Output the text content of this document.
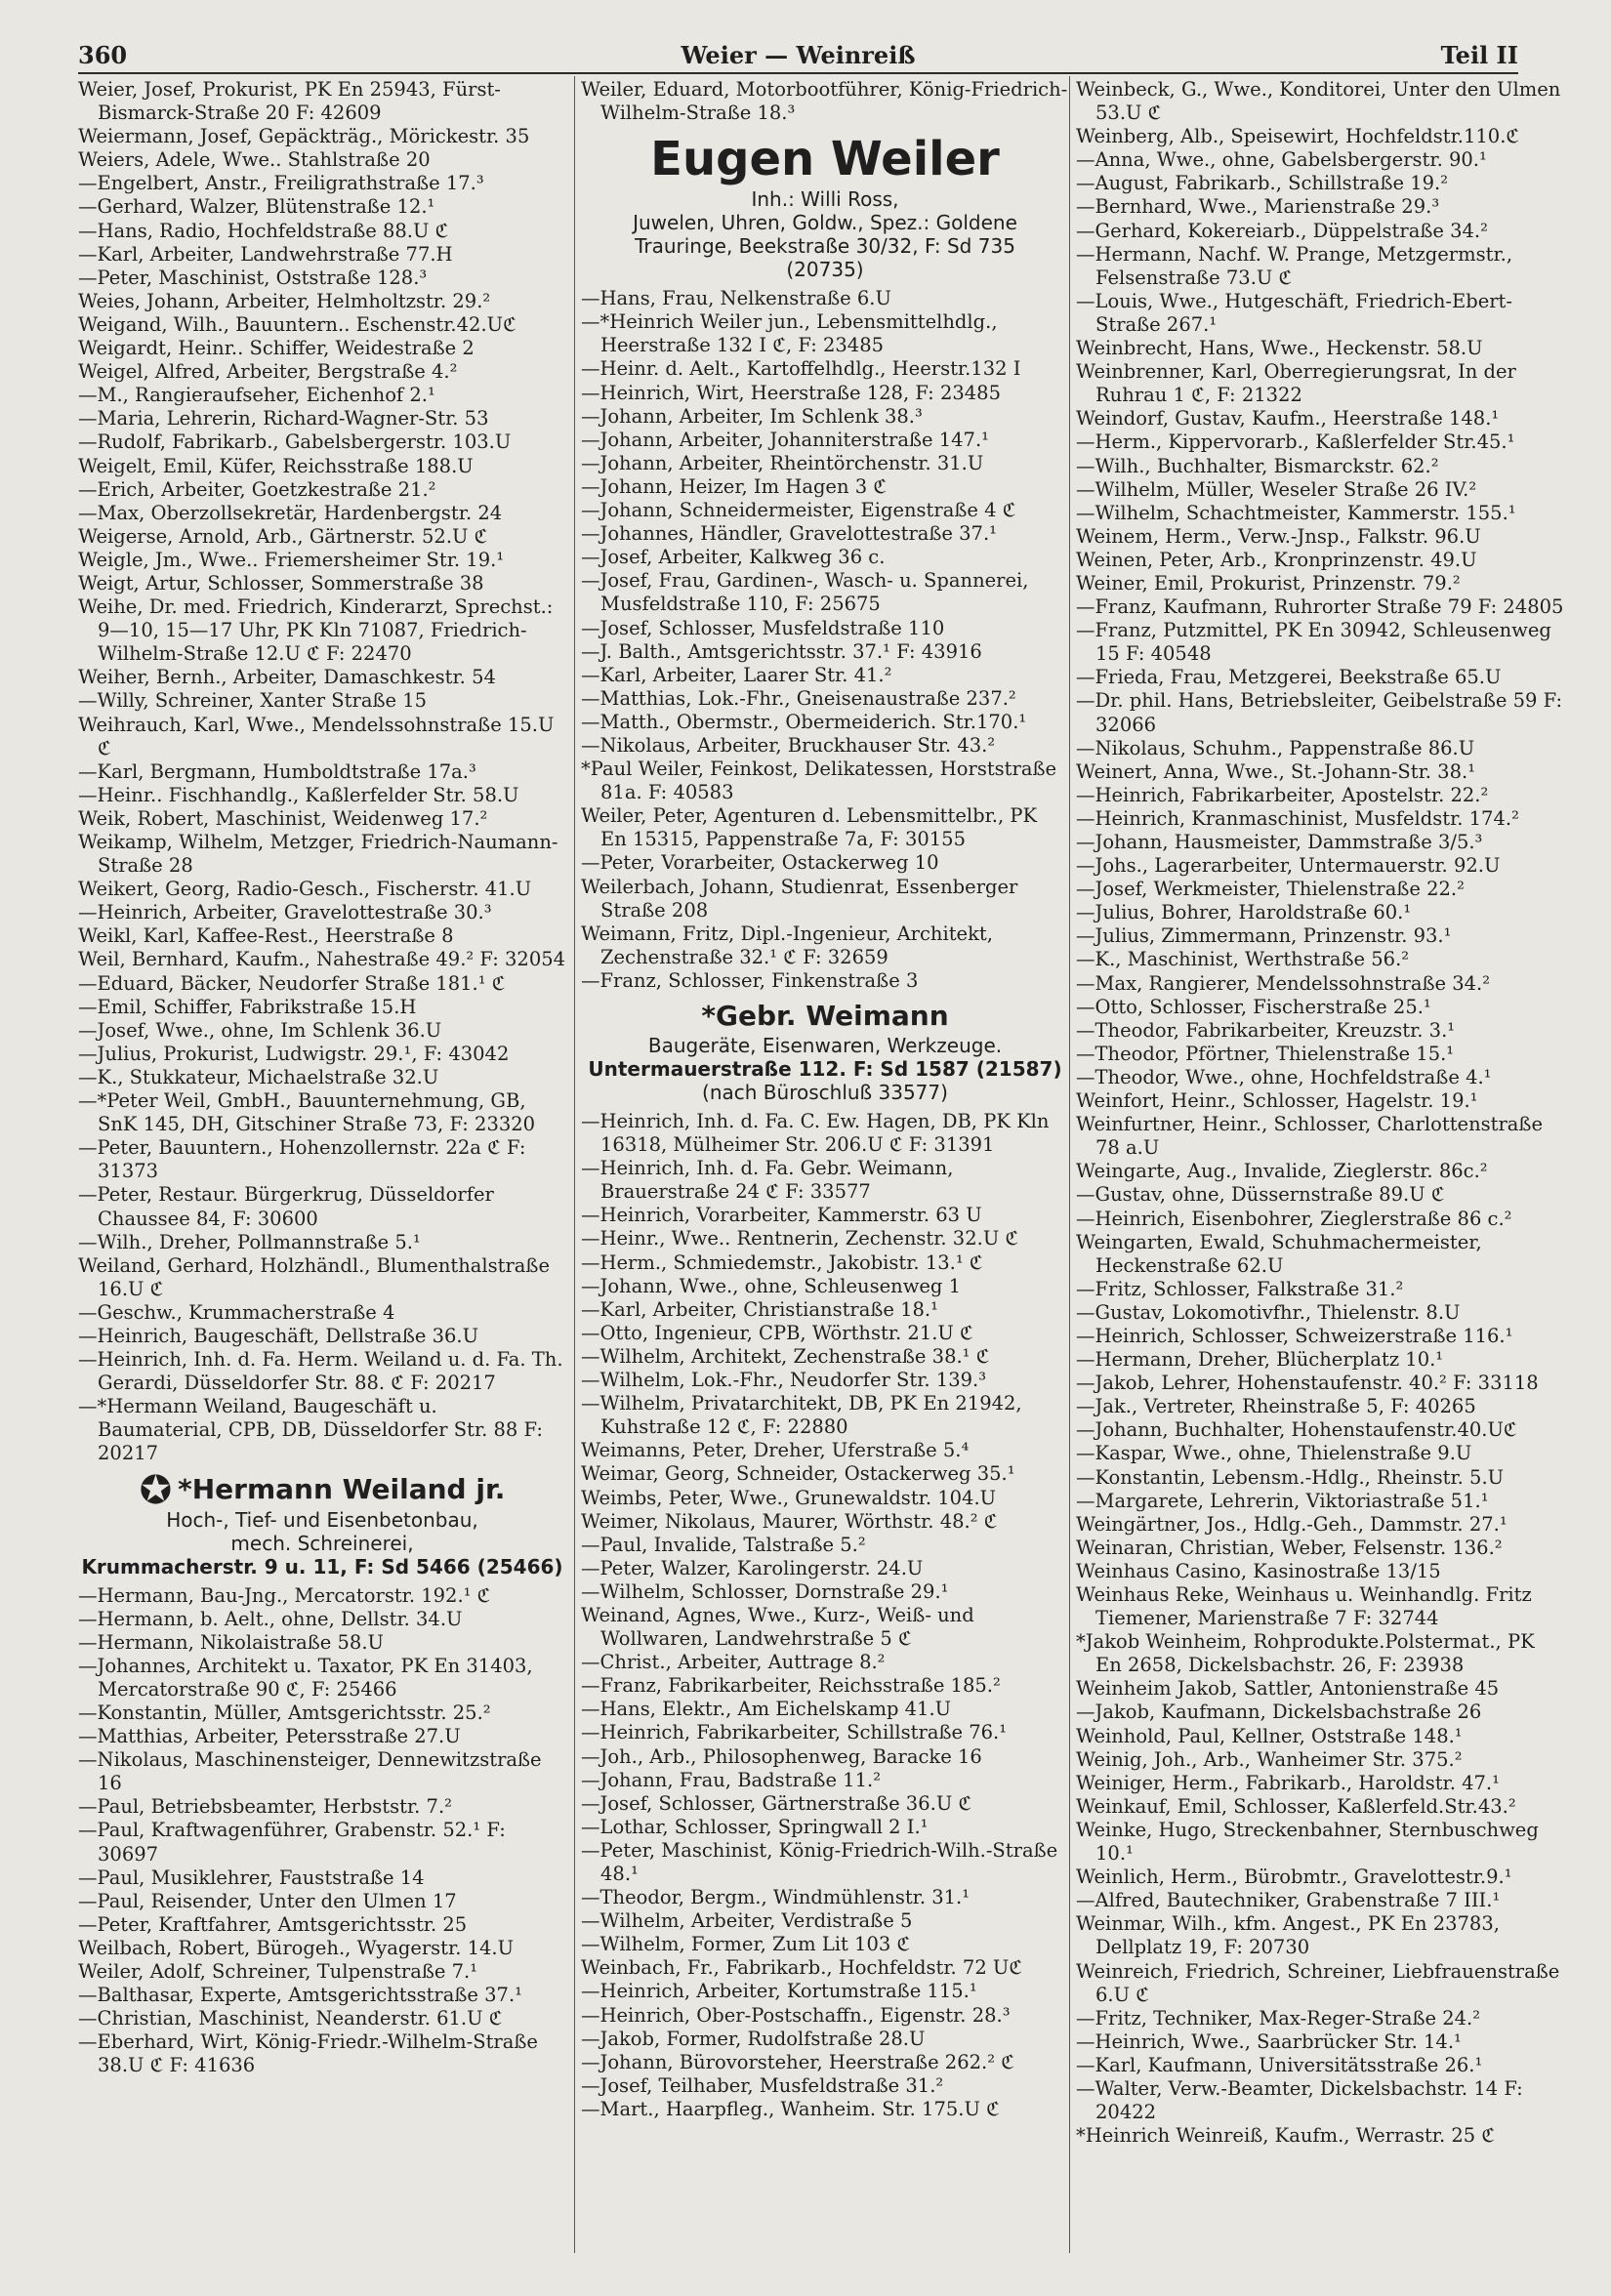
360	Weier — Weinreiß	Teil II

Weier, Josef, Prokurist, PK En 25943, Fürst-Bismarck-Straße 20 F: 42609

Weiermann, Josef, Gepäckträg., Mörickestr. 35

Weiers, Adele, Wwe.. Stahlstraße 20

—Engelbert, Anstr., Freiligrathstraße 17.³

—Gerhard, Walzer, Blütenstraße 12.¹

—Hans, Radio, Hochfeldstraße 88.U ℭ

—Karl, Arbeiter, Landwehrstraße 77.H

—Peter, Maschinist, Oststraße 128.³

Weies, Johann, Arbeiter, Helmholtzstr. 29.²

Weigand, Wilh., Bauuntern.. Eschenstr.42.Uℭ

Weigardt, Heinr.. Schiffer, Weidestraße 2

Weigel, Alfred, Arbeiter, Bergstraße 4.²

—M., Rangieraufseher, Eichenhof 2.¹

—Maria, Lehrerin, Richard-Wagner-Str. 53

—Rudolf, Fabrikarb., Gabelsbergerstr. 103.U

Weigelt, Emil, Küfer, Reichsstraße 188.U

—Erich, Arbeiter, Goetzkestraße 21.²

—Max, Oberzollsekretär, Hardenbergstr. 24

Weigerse, Arnold, Arb., Gärtnerstr. 52.U ℭ

Weigle, Jm., Wwe.. Friemersheimer Str. 19.¹

Weigt, Artur, Schlosser, Sommerstraße 38

Weihe, Dr. med. Friedrich, Kinderarzt, Sprechst.: 9—10, 15—17 Uhr, PK Kln 71087, Friedrich-Wilhelm-Straße 12.U ℭ F: 22470

Weiher, Bernh., Arbeiter, Damaschkestr. 54

—Willy, Schreiner, Xanter Straße 15

Weihrauch, Karl, Wwe., Mendelssohnstraße 15.U ℭ

—Karl, Bergmann, Humboldtstraße 17a.³

—Heinr.. Fischhandlg., Kaßlerfelder Str. 58.U

Weik, Robert, Maschinist, Weidenweg 17.²

Weikamp, Wilhelm, Metzger, Friedrich-Naumann-Straße 28

Weikert, Georg, Radio-Gesch., Fischerstr. 41.U

—Heinrich, Arbeiter, Gravelottestraße 30.³

Weikl, Karl, Kaffee-Rest., Heerstraße 8

Weil, Bernhard, Kaufm., Nahestraße 49.² F: 32054

—Eduard, Bäcker, Neudorfer Straße 181.¹ ℭ

—Emil, Schiffer, Fabrikstraße 15.H

—Josef, Wwe., ohne, Im Schlenk 36.U

—Julius, Prokurist, Ludwigstr. 29.¹, F: 43042

—K., Stukkateur, Michaelstraße 32.U

—*Peter Weil, GmbH., Bauunternehmung, GB, SnK 145, DH, Gitschiner Straße 73, F: 23320

—Peter, Bauuntern., Hohenzollernstr. 22a ℭ F: 31373

—Peter, Restaur. Bürgerkrug, Düsseldorfer Chaussee 84, F: 30600

—Wilh., Dreher, Pollmannstraße 5.¹

Weiland, Gerhard, Holzhändl., Blumenthalstraße 16.U ℭ

—Geschw., Krummacherstraße 4

—Heinrich, Baugeschäft, Dellstraße 36.U

—Heinrich, Inh. d. Fa. Herm. Weiland u. d. Fa. Th. Gerardi, Düsseldorfer Str. 88. ℭ F: 20217

—*Hermann Weiland, Baugeschäft u. Baumaterial, CPB, DB, Düsseldorfer Str. 88 F: 20217

✪ *Hermann Weiland jr.
Hoch-, Tief- und Eisenbetonbau,
mech. Schreinerei,
Krummacherstr. 9 u. 11, F: Sd 5466 (25466)

—Hermann, Bau-Jng., Mercatorstr. 192.¹ ℭ

—Hermann, b. Aelt., ohne, Dellstr. 34.U

—Hermann, Nikolaistraße 58.U

—Johannes, Architekt u. Taxator, PK En 31403, Mercatorstraße 90 ℭ, F: 25466

—Konstantin, Müller, Amtsgerichtsstr. 25.²

—Matthias, Arbeiter, Petersstraße 27.U

—Nikolaus, Maschinensteiger, Dennewitzstraße 16

—Paul, Betriebsbeamter, Herbststr. 7.²

—Paul, Kraftwagenführer, Grabenstr. 52.¹ F: 30697

—Paul, Musiklehrer, Fauststraße 14

—Paul, Reisender, Unter den Ulmen 17

—Peter, Kraftfahrer, Amtsgerichtsstr. 25

Weilbach, Robert, Bürogeh., Wyagerstr. 14.U

Weiler, Adolf, Schreiner, Tulpenstraße 7.¹

—Balthasar, Experte, Amtsgerichtsstraße 37.¹

—Christian, Maschinist, Neanderstr. 61.U ℭ

—Eberhard, Wirt, König-Friedr.-Wilhelm-Straße 38.U ℭ F: 41636

Weiler, Eduard, Motorbootführer, König-Friedrich-Wilhelm-Straße 18.³

Eugen Weiler
Inh.: Willi Ross,
Juwelen, Uhren, Goldw., Spez.: Goldene
Trauringe, Beekstraße 30/32, F: Sd 735
(20735)

—Hans, Frau, Nelkenstraße 6.U

—*Heinrich Weiler jun., Lebensmittelhdlg., Heerstraße 132 I ℭ, F: 23485

—Heinr. d. Aelt., Kartoffelhdlg., Heerstr.132 I

—Heinrich, Wirt, Heerstraße 128, F: 23485

—Johann, Arbeiter, Im Schlenk 38.³

—Johann, Arbeiter, Johanniterstraße 147.¹

—Johann, Arbeiter, Rheintörchenstr. 31.U

—Johann, Heizer, Im Hagen 3 ℭ

—Johann, Schneidermeister, Eigenstraße 4 ℭ

—Johannes, Händler, Gravelottestraße 37.¹

—Josef, Arbeiter, Kalkweg 36 c.

—Josef, Frau, Gardinen-, Wasch- u. Spannerei, Musfeldstraße 110, F: 25675

—Josef, Schlosser, Musfeldstraße 110

—J. Balth., Amtsgerichtsstr. 37.¹ F: 43916

—Karl, Arbeiter, Laarer Str. 41.²

—Matthias, Lok.-Fhr., Gneisenaustraße 237.²

—Matth., Obermstr., Obermeiderich. Str.170.¹

—Nikolaus, Arbeiter, Bruckhauser Str. 43.²

*Paul Weiler, Feinkost, Delikatessen, Horststraße 81a. F: 40583

Weiler, Peter, Agenturen d. Lebensmittelbr., PK En 15315, Pappenstraße 7a, F: 30155

—Peter, Vorarbeiter, Ostackerweg 10

Weilerbach, Johann, Studienrat, Essenberger Straße 208

Weimann, Fritz, Dipl.-Ingenieur, Architekt, Zechenstraße 32.¹ ℭ F: 32659

—Franz, Schlosser, Finkenstraße 3

*Gebr. Weimann
Baugeräte, Eisenwaren, Werkzeuge.
Untermauerstraße 112. F: Sd 1587 (21587)
(nach Büroschluß 33577)

—Heinrich, Inh. d. Fa. C. Ew. Hagen, DB, PK Kln 16318, Mülheimer Str. 206.U ℭ F: 31391

—Heinrich, Inh. d. Fa. Gebr. Weimann, Brauerstraße 24 ℭ F: 33577

—Heinrich, Vorarbeiter, Kammerstr. 63 U

—Heinr., Wwe.. Rentnerin, Zechenstr. 32.U ℭ

—Herm., Schmiedemstr., Jakobistr. 13.¹ ℭ

—Johann, Wwe., ohne, Schleusenweg 1

—Karl, Arbeiter, Christianstraße 18.¹

—Otto, Ingenieur, CPB, Wörthstr. 21.U ℭ

—Wilhelm, Architekt, Zechenstraße 38.¹ ℭ

—Wilhelm, Lok.-Fhr., Neudorfer Str. 139.³

—Wilhelm, Privatarchitekt, DB, PK En 21942, Kuhstraße 12 ℭ, F: 22880

Weimanns, Peter, Dreher, Uferstraße 5.⁴

Weimar, Georg, Schneider, Ostackerweg 35.¹

Weimbs, Peter, Wwe., Grunewaldstr. 104.U

Weimer, Nikolaus, Maurer, Wörthstr. 48.² ℭ

—Paul, Invalide, Talstraße 5.²

—Peter, Walzer, Karolingerstr. 24.U

—Wilhelm, Schlosser, Dornstraße 29.¹

Weinand, Agnes, Wwe., Kurz-, Weiß- und Wollwaren, Landwehrstraße 5 ℭ

—Christ., Arbeiter, Auttrage 8.²

—Franz, Fabrikarbeiter, Reichsstraße 185.²

—Hans, Elektr., Am Eichelskamp 41.U

—Heinrich, Fabrikarbeiter, Schillstraße 76.¹

—Joh., Arb., Philosophenweg, Baracke 16

—Johann, Frau, Badstraße 11.²

—Josef, Schlosser, Gärtnerstraße 36.U ℭ

—Lothar, Schlosser, Springwall 2 I.¹

—Peter, Maschinist, König-Friedrich-Wilh.-Straße 48.¹

—Theodor, Bergm., Windmühlenstr. 31.¹

—Wilhelm, Arbeiter, Verdistraße 5

—Wilhelm, Former, Zum Lit 103 ℭ

Weinbach, Fr., Fabrikarb., Hochfeldstr. 72 Uℭ

—Heinrich, Arbeiter, Kortumstraße 115.¹

—Heinrich, Ober-Postschaffn., Eigenstr. 28.³

—Jakob, Former, Rudolfstraße 28.U

—Johann, Bürovorsteher, Heerstraße 262.² ℭ

—Josef, Teilhaber, Musfeldstraße 31.²

—Mart., Haarpfleg., Wanheim. Str. 175.U ℭ

Weinbeck, G., Wwe., Konditorei, Unter den Ulmen 53.U ℭ

Weinberg, Alb., Speisewirt, Hochfeldstr.110.ℭ

—Anna, Wwe., ohne, Gabelsbergerstr. 90.¹

—August, Fabrikarb., Schillstraße 19.²

—Bernhard, Wwe., Marienstraße 29.³

—Gerhard, Kokereiarb., Düppelstraße 34.²

—Hermann, Nachf. W. Prange, Metzgermstr., Felsenstraße 73.U ℭ

—Louis, Wwe., Hutgeschäft, Friedrich-Ebert-Straße 267.¹

Weinbrecht, Hans, Wwe., Heckenstr. 58.U

Weinbrenner, Karl, Oberregierungsrat, In der Ruhrau 1 ℭ, F: 21322

Weindorf, Gustav, Kaufm., Heerstraße 148.¹

—Herm., Kippervorarb., Kaßlerfelder Str.45.¹

—Wilh., Buchhalter, Bismarckstr. 62.²

—Wilhelm, Müller, Weseler Straße 26 IV.²

—Wilhelm, Schachtmeister, Kammerstr. 155.¹

Weinem, Herm., Verw.-Jnsp., Falkstr. 96.U

Weinen, Peter, Arb., Kronprinzenstr. 49.U

Weiner, Emil, Prokurist, Prinzenstr. 79.²

—Franz, Kaufmann, Ruhrorter Straße 79 F: 24805

—Franz, Putzmittel, PK En 30942, Schleusenweg 15 F: 40548

—Frieda, Frau, Metzgerei, Beekstraße 65.U

—Dr. phil. Hans, Betriebsleiter, Geibelstraße 59 F: 32066

—Nikolaus, Schuhm., Pappenstraße 86.U

Weinert, Anna, Wwe., St.-Johann-Str. 38.¹

—Heinrich, Fabrikarbeiter, Apostelstr. 22.²

—Heinrich, Kranmaschinist, Musfeldstr. 174.²

—Johann, Hausmeister, Dammstraße 3/5.³

—Johs., Lagerarbeiter, Untermauerstr. 92.U

—Josef, Werkmeister, Thielenstraße 22.²

—Julius, Bohrer, Haroldstraße 60.¹

—Julius, Zimmermann, Prinzenstr. 93.¹

—K., Maschinist, Werthstraße 56.²

—Max, Rangierer, Mendelssohnstraße 34.²

—Otto, Schlosser, Fischerstraße 25.¹

—Theodor, Fabrikarbeiter, Kreuzstr. 3.¹

—Theodor, Pförtner, Thielenstraße 15.¹

—Theodor, Wwe., ohne, Hochfeldstraße 4.¹

Weinfort, Heinr., Schlosser, Hagelstr. 19.¹

Weinfurtner, Heinr., Schlosser, Charlottenstraße 78 a.U

Weingarte, Aug., Invalide, Zieglerstr. 86c.²

—Gustav, ohne, Düssernstraße 89.U ℭ

—Heinrich, Eisenbohrer, Zieglerstraße 86 c.²

Weingarten, Ewald, Schuhmachermeister, Heckenstraße 62.U

—Fritz, Schlosser, Falkstraße 31.²

—Gustav, Lokomotivfhr., Thielenstr. 8.U

—Heinrich, Schlosser, Schweizerstraße 116.¹

—Hermann, Dreher, Blücherplatz 10.¹

—Jakob, Lehrer, Hohenstaufenstr. 40.² F: 33118

—Jak., Vertreter, Rheinstraße 5, F: 40265

—Johann, Buchhalter, Hohenstaufenstr.40.Uℭ

—Kaspar, Wwe., ohne, Thielenstraße 9.U

—Konstantin, Lebensm.-Hdlg., Rheinstr. 5.U

—Margarete, Lehrerin, Viktoriastraße 51.¹

Weingärtner, Jos., Hdlg.-Geh., Dammstr. 27.¹

Weinaran, Christian, Weber, Felsenstr. 136.²

Weinhaus Casino, Kasinostraße 13/15

Weinhaus Reke, Weinhaus u. Weinhandlg. Fritz Tiemener, Marienstraße 7 F: 32744

*Jakob Weinheim, Rohprodukte.Polstermat., PK En 2658, Dickelsbachstr. 26, F: 23938

Weinheim Jakob, Sattler, Antonienstraße 45

—Jakob, Kaufmann, Dickelsbachstraße 26

Weinhold, Paul, Kellner, Oststraße 148.¹

Weinig, Joh., Arb., Wanheimer Str. 375.²

Weiniger, Herm., Fabrikarb., Haroldstr. 47.¹

Weinkauf, Emil, Schlosser, Kaßlerfeld.Str.43.²

Weinke, Hugo, Streckenbahner, Sternbuschweg 10.¹

Weinlich, Herm., Bürobmtr., Gravelottestr.9.¹

—Alfred, Bautechniker, Grabenstraße 7 III.¹

Weinmar, Wilh., kfm. Angest., PK En 23783, Dellplatz 19, F: 20730

Weinreich, Friedrich, Schreiner, Liebfrauenstraße 6.U ℭ

—Fritz, Techniker, Max-Reger-Straße 24.²

—Heinrich, Wwe., Saarbrücker Str. 14.¹

—Karl, Kaufmann, Universitätsstraße 26.¹

—Walter, Verw.-Beamter, Dickelsbachstr. 14 F: 20422

*Heinrich Weinreiß, Kaufm., Werrastr. 25 ℭ
